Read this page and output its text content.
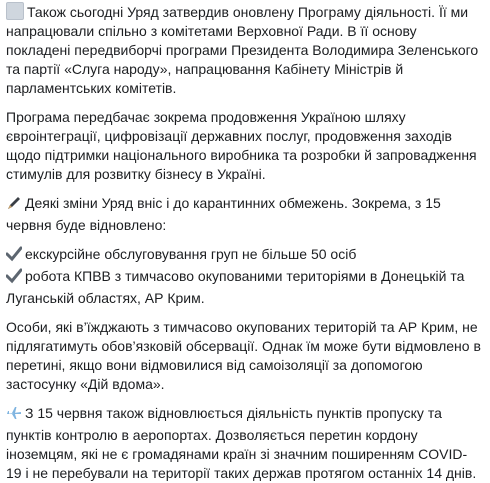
Також сьогодні Уряд затвердив оновлену Програму діяльності. Її ми напрацювали спільно з комітетами Верховної Ради. В її основу покладені передвиборчі програми Президента Володимира Зеленського та партії «Слуга народу», напрацювання Кабінету Міністрів й парламентських комітетів.

Програма передбачає зокрема продовження Україною шляху євроінтеграції, цифровізації державних послуг, продовження заходів щодо підтримки національного виробника та розробки й запровадження стимулів для розвитку бізнесу в Україні.

Деякі зміни Уряд вніс і до карантинних обмежень. Зокрема, з 15 червня буде відновлено:

екскурсійне обслуговування груп не більше 50 осіб

робота КПВВ з тимчасово окупованими територіями в Донецькій та Луганській областях, АР Крим.

Особи, які в’їжджають з тимчасово окупованих територій та АР Крим, не підлягатимуть обов’язковій обсервації. Однак їм може бути відмовлено в перетині, якщо вони відмовилися від самоізоляції за допомогою застосунку «Дій вдома».

З 15 червня також відновлюється діяльність пунктів пропуску та пунктів контролю в аеропортах. Дозволяється перетин кордону іноземцям, які не є громадянами країн зі значним поширенням COVID-19 і не перебували на території таких держав протягом останніх 14 днів.
